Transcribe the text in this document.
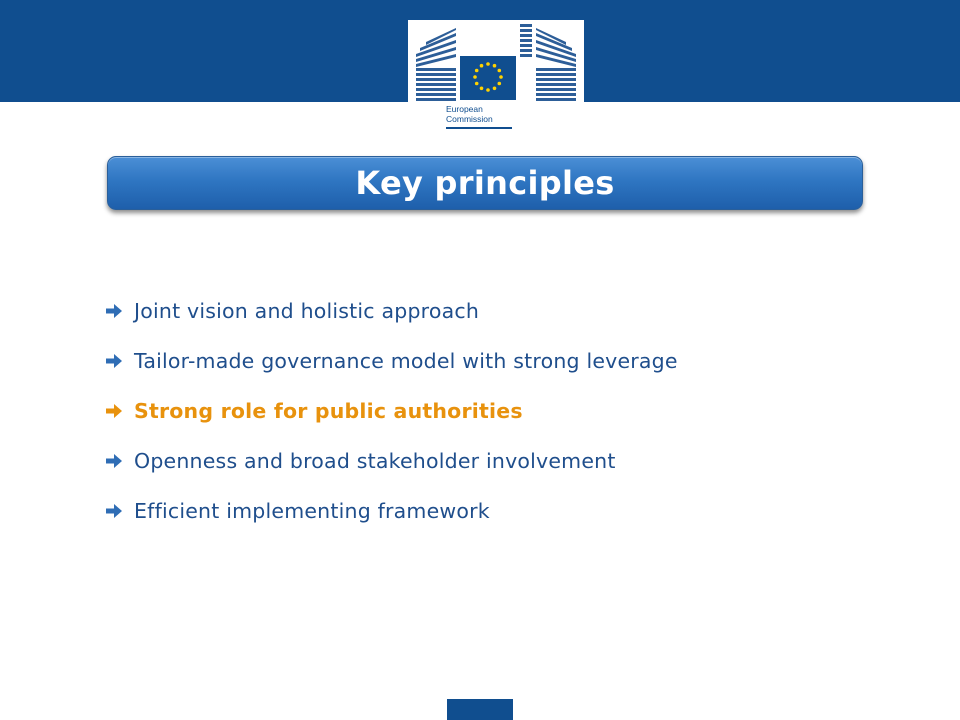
European
Commission
Key principles
Joint vision and holistic approach
Tailor-made governance model with strong leverage
Strong role for public authorities
Openness and broad stakeholder involvement
Efficient implementing framework
